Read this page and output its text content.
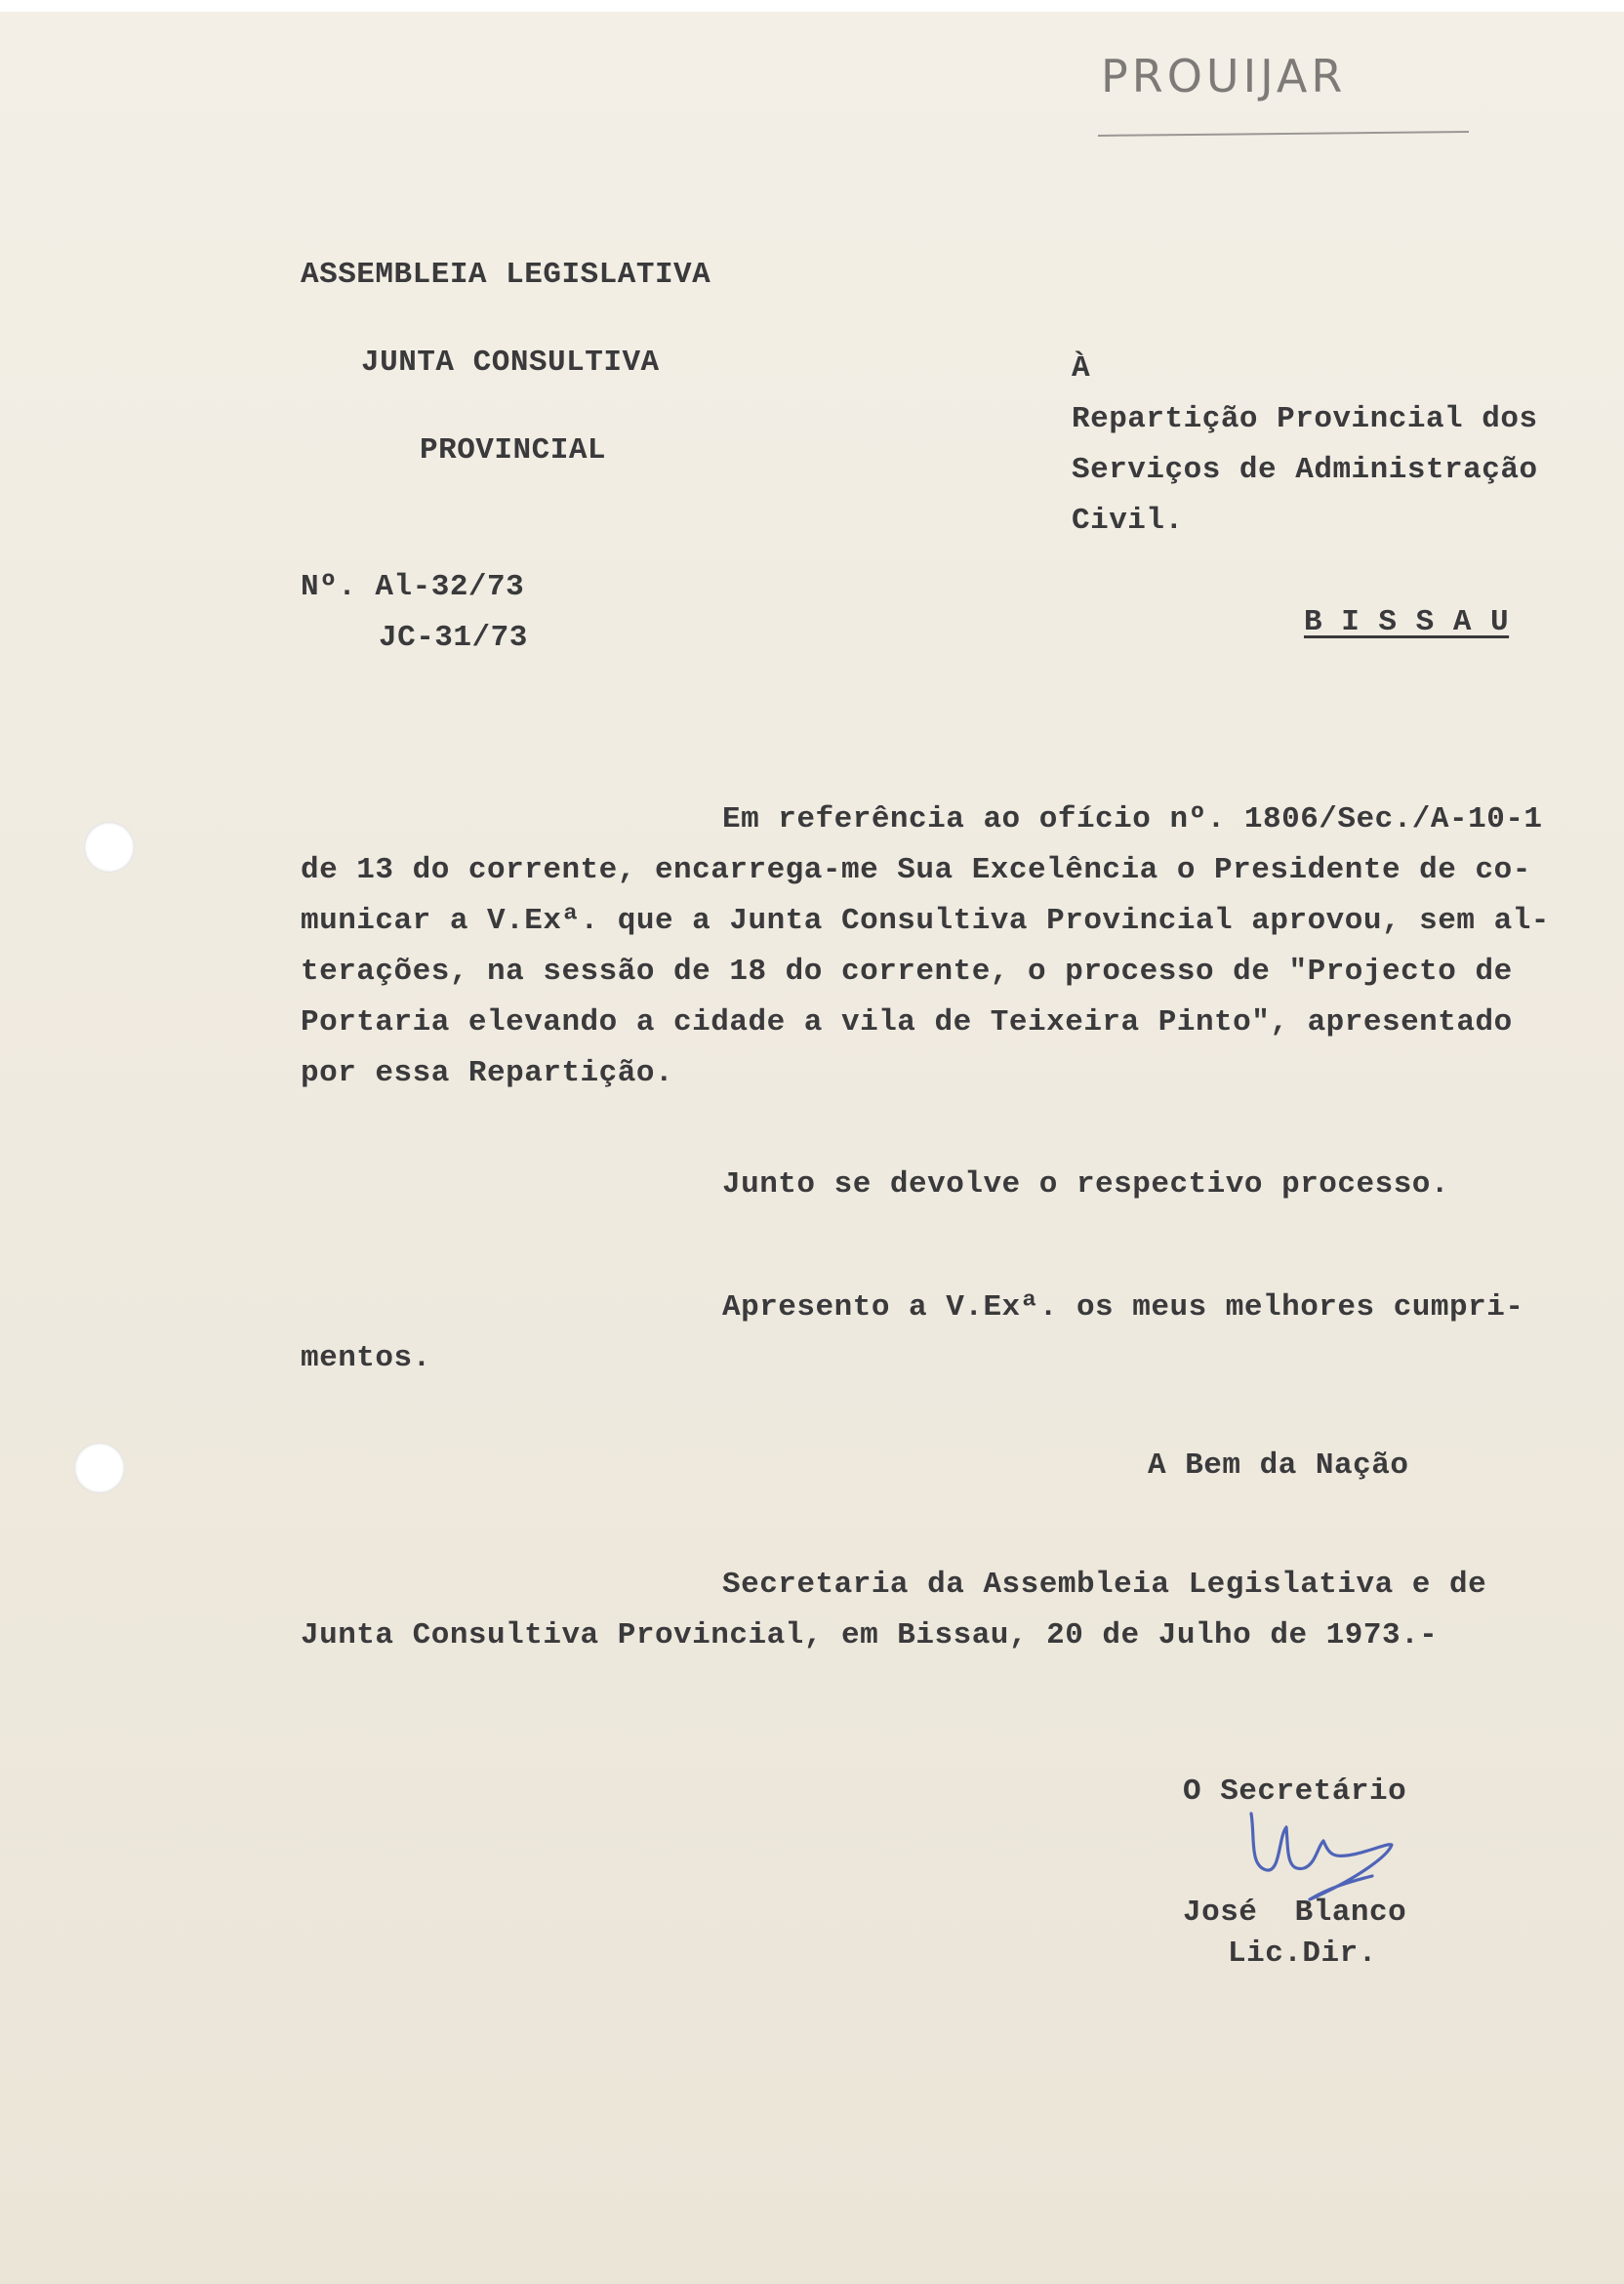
PROUIJAR
ASSEMBLEIA LEGISLATIVA
JUNTA CONSULTIVA
PROVINCIAL
Nº. Al-32/73
JC-31/73
À
Repartição Provincial dos
Serviços de Administração
Civil.
B I S S A U
Em referência ao ofício nº. 1806/Sec./A-10-1
de 13 do corrente, encarrega-me Sua Excelência o Presidente de co-
municar a V.Exª. que a Junta Consultiva Provincial aprovou, sem al-
terações, na sessão de 18 do corrente, o processo de "Projecto de
Portaria elevando a cidade a vila de Teixeira Pinto", apresentado
por essa Repartição.
Junto se devolve o respectivo processo.
Apresento a V.Exª. os meus melhores cumpri-
mentos.
A Bem da Nação
Secretaria da Assembleia Legislativa e de
Junta Consultiva Provincial, em Bissau, 20 de Julho de 1973.-
O Secretário
José  Blanco
Lic.Dir.
